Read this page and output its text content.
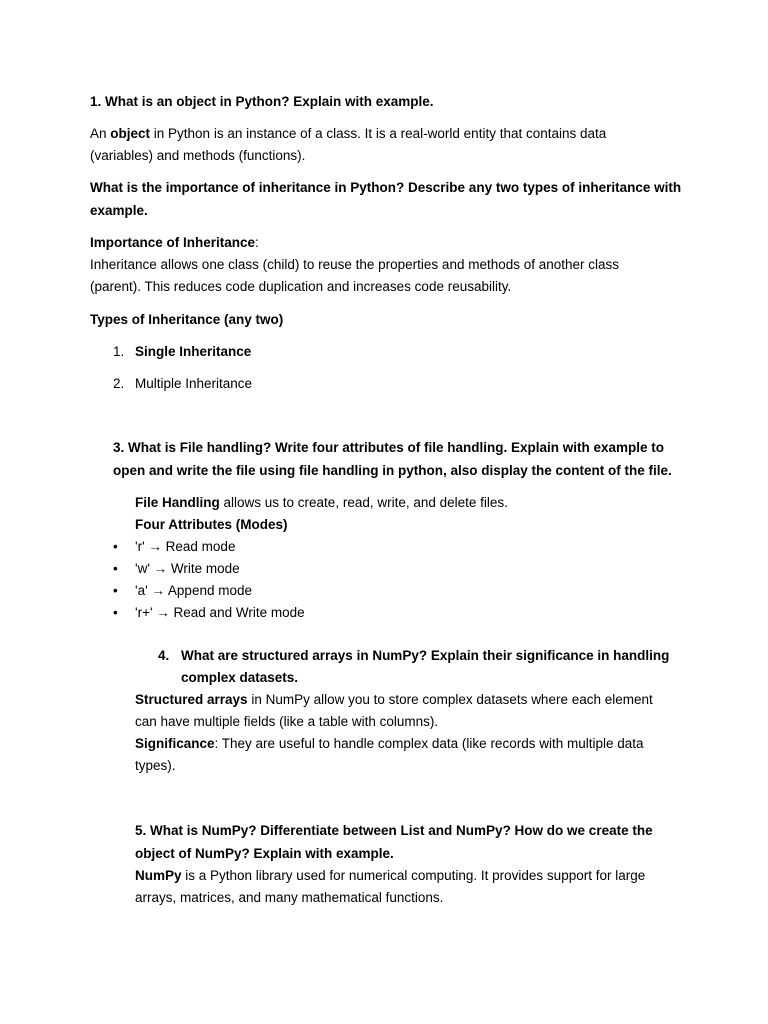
1. What is an object in Python? Explain with example.
An object in Python is an instance of a class. It is a real-world entity that contains data
(variables) and methods (functions).
What is the importance of inheritance in Python? Describe any two types of inheritance with
example.
Importance of Inheritance:
Inheritance allows one class (child) to reuse the properties and methods of another class
(parent). This reduces code duplication and increases code reusability.
Types of Inheritance (any two)
1. Single Inheritance
2. Multiple Inheritance
3. What is File handling? Write four attributes of file handling. Explain with example to
open and write the file using file handling in python, also display the content of the file.
File Handling allows us to create, read, write, and delete files.
Four Attributes (Modes)
• 'r' → Read mode
• 'w' → Write mode
• 'a' → Append mode
• 'r+' → Read and Write mode
4. What are structured arrays in NumPy? Explain their significance in handling
complex datasets.
Structured arrays in NumPy allow you to store complex datasets where each element
can have multiple fields (like a table with columns).
Significance: They are useful to handle complex data (like records with multiple data
types).
5. What is NumPy? Differentiate between List and NumPy? How do we create the
object of NumPy? Explain with example.
NumPy is a Python library used for numerical computing. It provides support for large
arrays, matrices, and many mathematical functions.
